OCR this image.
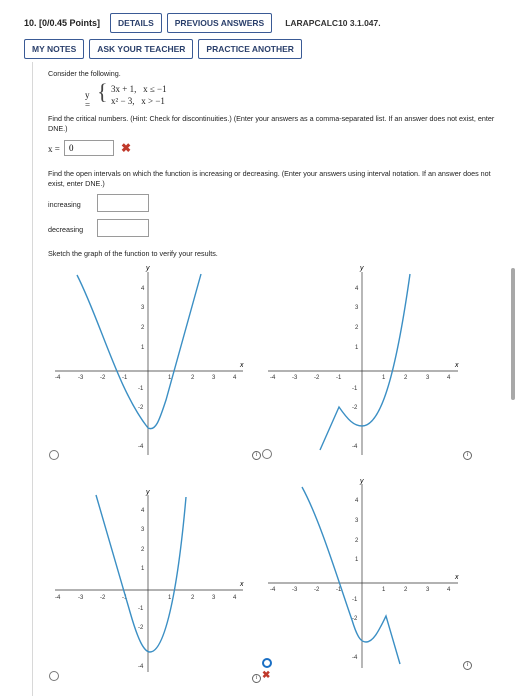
10. [0/0.45 Points]	DETAILS	PREVIOUS ANSWERS	LARAPCALC10 3.1.047.
MY NOTES	ASK YOUR TEACHER	PRACTICE ANOTHER
Consider the following.
y =
{ 3x + 1, x ≤ −1
x² − 3, x > −1
Find the critical numbers. (Hint: Check for discontinuities.) (Enter your answers as a comma-separated list. If an answer does not exist, enter DNE.)
x =
0	✖
Find the open intervals on which the function is increasing or decreasing. (Enter your answers using interval notation. If an answer does not exist, enter DNE.)
increasing
decreasing
Sketch the graph of the function to verify your results.
x
y
-4	-3	-2	-1	1	2	3	4
4
3
2
1
-1
-2
-4
x
y
-4	-3	-2	-1	1	2	3	4
4
3
2
1
-1
-2
-4
x
y
-4	-3	-2	-1	1	2	3	4
4
3
2
1
-1
-2
-4
x
y
-4	-3	-2	-1	1	2	3	4
4
3
2
1
-1
-2
-4
i	i
i ✖
i
